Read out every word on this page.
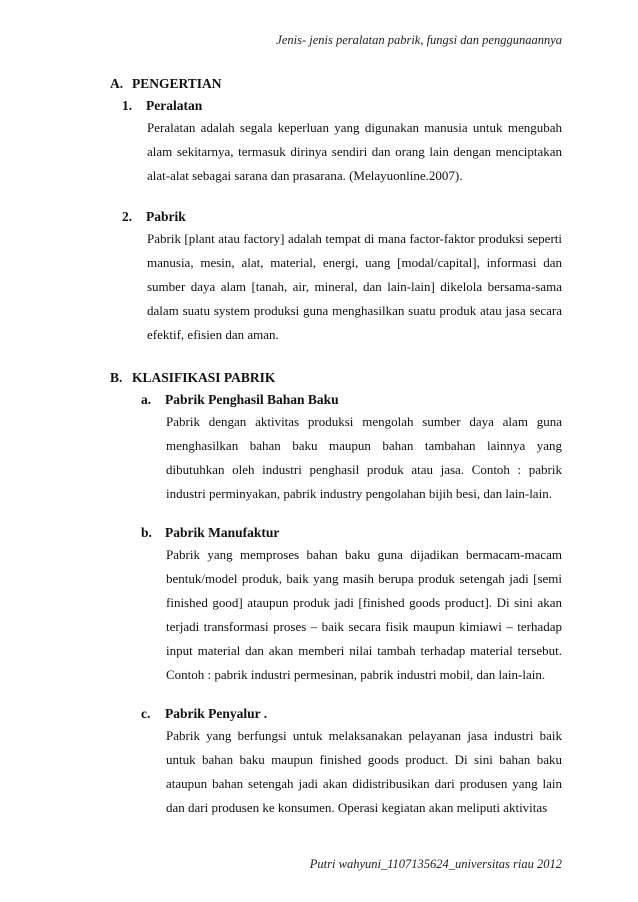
Jenis- jenis peralatan pabrik, fungsi dan penggunaannya
A. PENGERTIAN
1.	Peralatan

Peralatan adalah segala keperluan yang digunakan manusia untuk mengubah alam sekitarnya, termasuk dirinya sendiri dan orang lain dengan menciptakan alat-alat sebagai sarana dan prasarana. (Melayuonline.2007).

2.	Pabrik

Pabrik [plant atau factory] adalah tempat di mana factor-faktor produksi seperti manusia, mesin, alat, material, energi, uang [modal/capital], informasi dan sumber daya alam [tanah, air, mineral, dan lain-lain] dikelola bersama-sama dalam suatu system produksi guna menghasilkan suatu produk atau jasa secara efektif, efisien dan aman.

B. KLASIFIKASI PABRIK
a.	Pabrik Penghasil Bahan Baku

Pabrik dengan aktivitas produksi mengolah sumber daya alam guna menghasilkan bahan baku maupun bahan tambahan lainnya yang dibutuhkan oleh industri penghasil produk atau jasa. Contoh : pabrik industri perminyakan, pabrik industry pengolahan bijih besi, dan lain-lain.

b. Pabrik Manufaktur

Pabrik yang memproses bahan baku guna dijadikan bermacam-macam bentuk/model produk, baik yang masih berupa produk setengah jadi [semi finished good] ataupun produk jadi [finished goods product]. Di sini akan terjadi transformasi proses – baik secara fisik maupun kimiawi – terhadap input material dan akan memberi nilai tambah terhadap material tersebut. Contoh : pabrik industri permesinan, pabrik industri mobil, dan lain-lain.

c.	Pabrik Penyalur .

Pabrik yang berfungsi untuk melaksanakan pelayanan jasa industri baik untuk bahan baku maupun finished goods product. Di sini bahan baku ataupun bahan setengah jadi akan didistribusikan dari produsen yang lain dan dari produsen ke konsumen. Operasi kegiatan akan meliputi aktivitas

Putri wahyuni_1107135624_universitas riau 2012
